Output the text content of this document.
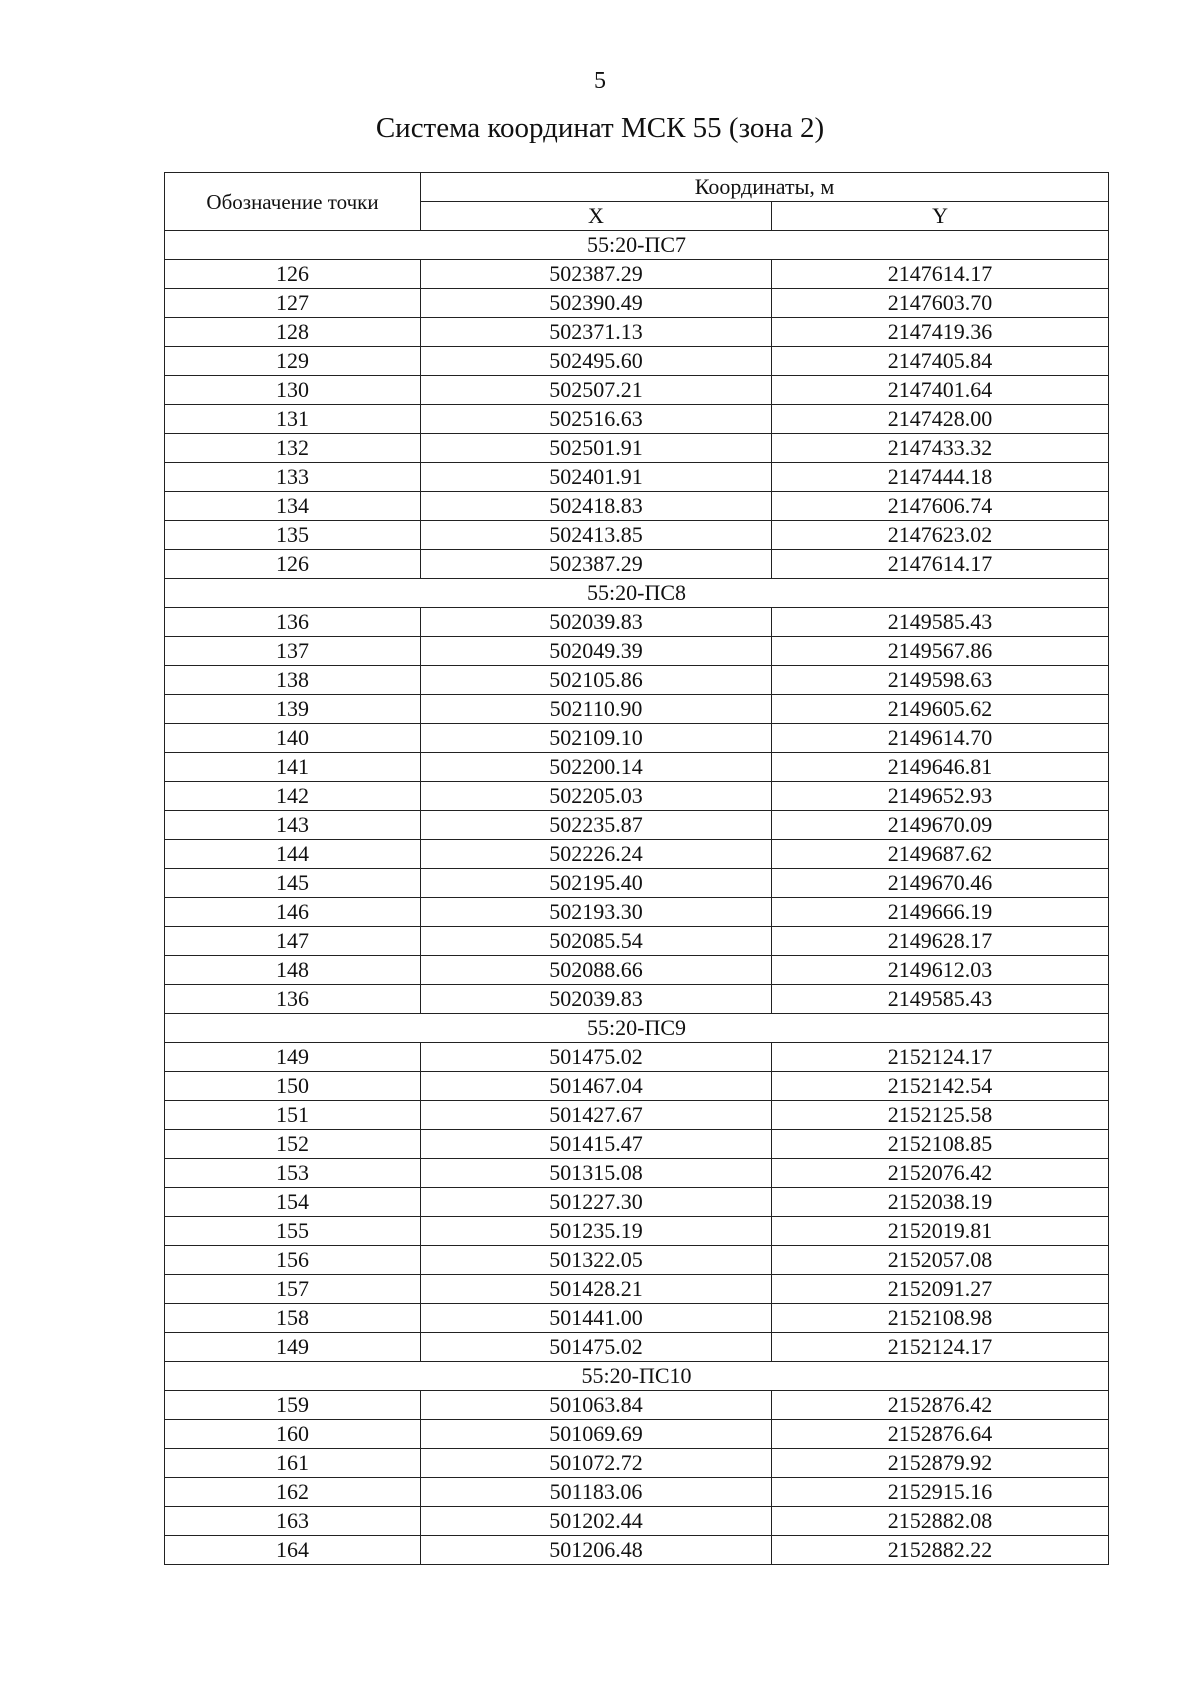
5
Система координат МСК 55 (зона 2)
Обозначение точки	Координаты, м	
	X	Y
55:20-ПС7		
126	502387.29	2147614.17
127	502390.49	2147603.70
128	502371.13	2147419.36
129	502495.60	2147405.84
130	502507.21	2147401.64
131	502516.63	2147428.00
132	502501.91	2147433.32
133	502401.91	2147444.18
134	502418.83	2147606.74
135	502413.85	2147623.02
126	502387.29	2147614.17
55:20-ПС8		
136	502039.83	2149585.43
137	502049.39	2149567.86
138	502105.86	2149598.63
139	502110.90	2149605.62
140	502109.10	2149614.70
141	502200.14	2149646.81
142	502205.03	2149652.93
143	502235.87	2149670.09
144	502226.24	2149687.62
145	502195.40	2149670.46
146	502193.30	2149666.19
147	502085.54	2149628.17
148	502088.66	2149612.03
136	502039.83	2149585.43
55:20-ПС9		
149	501475.02	2152124.17
150	501467.04	2152142.54
151	501427.67	2152125.58
152	501415.47	2152108.85
153	501315.08	2152076.42
154	501227.30	2152038.19
155	501235.19	2152019.81
156	501322.05	2152057.08
157	501428.21	2152091.27
158	501441.00	2152108.98
149	501475.02	2152124.17
55:20-ПС10		
159	501063.84	2152876.42
160	501069.69	2152876.64
161	501072.72	2152879.92
162	501183.06	2152915.16
163	501202.44	2152882.08
164	501206.48	2152882.22
